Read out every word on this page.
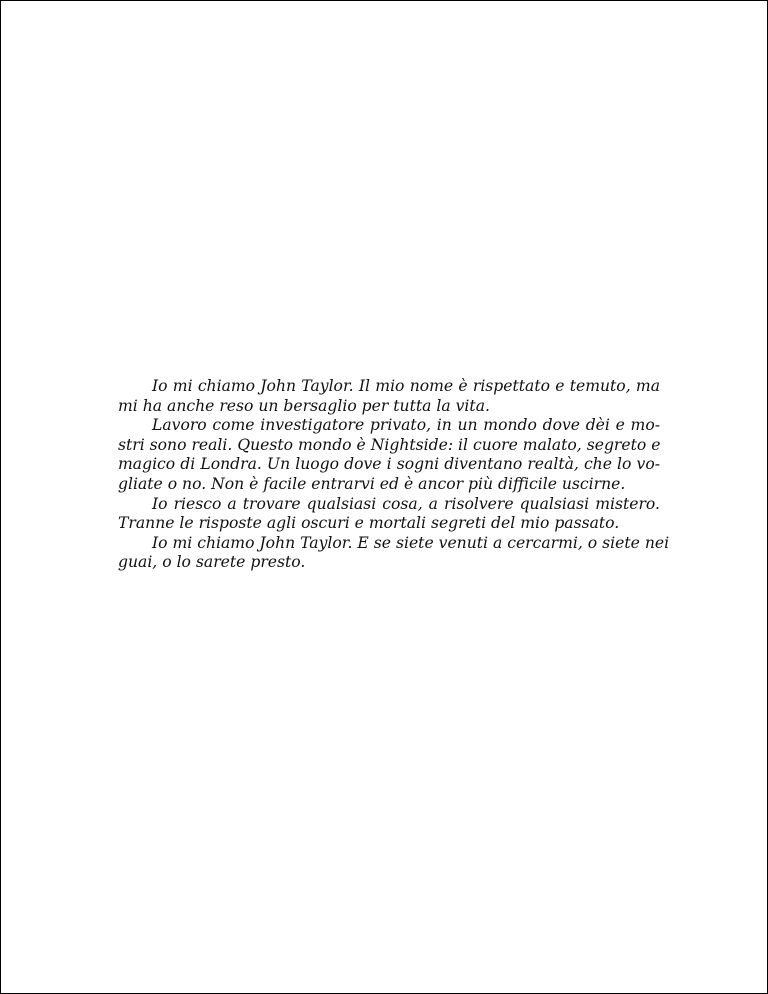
Io mi chiamo John Taylor. Il mio nome è rispettato e temuto, ma
mi ha anche reso un bersaglio per tutta la vita.

Lavoro come investigatore privato, in un mondo dove dèi e mo-
stri sono reali. Questo mondo è Nightside: il cuore malato, segreto e
magico di Londra. Un luogo dove i sogni diventano realtà, che lo vo-
gliate o no. Non è facile entrarvi ed è ancor più difficile uscirne.

Io riesco a trovare qualsiasi cosa, a risolvere qualsiasi mistero.
Tranne le risposte agli oscuri e mortali segreti del mio passato.

Io mi chiamo John Taylor. E se siete venuti a cercarmi, o siete nei
guai, o lo sarete presto.
